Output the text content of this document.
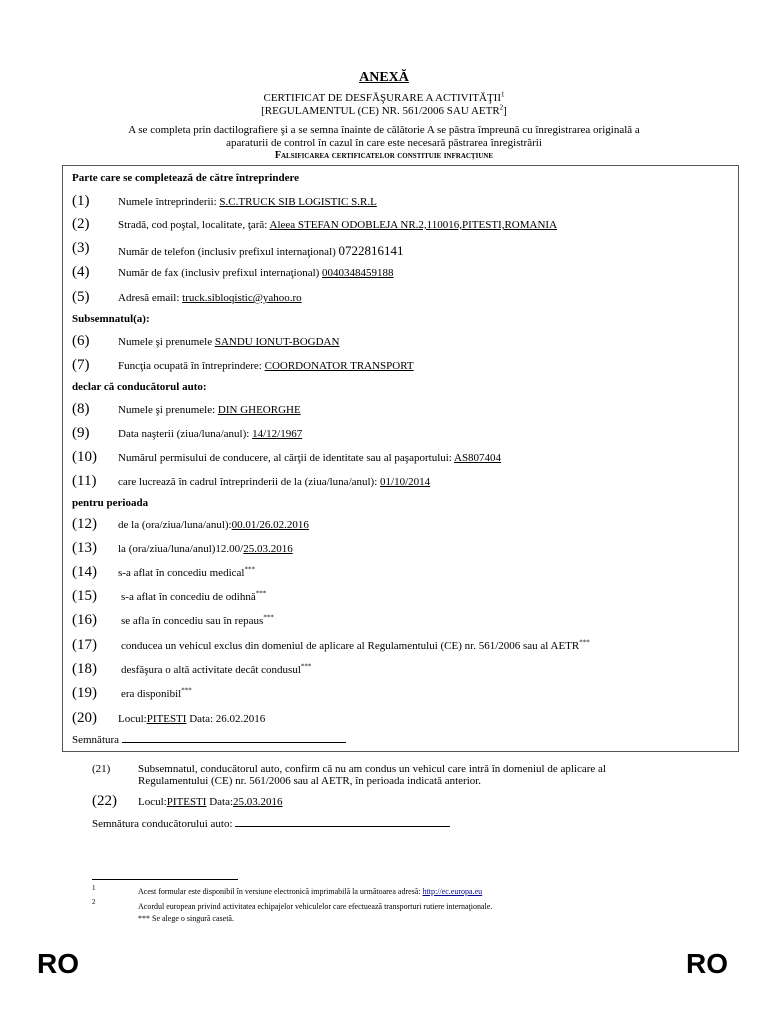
ANEXĂ
CERTIFICAT DE DESFĂŞURARE A ACTIVITĂŢII$^1$
[REGULAMENTUL (CE) NR. 561/2006 SAU AETR$^2$]
A se completa prin dactilografiere şi a se semna înainte de călătorie A se păstra împreună cu înregistrarea originală a
aparaturii de control în cazul în care este necesară păstrarea înregistrării
Falsificarea certificatelor constituie infracţiune
Parte care se completează de către întreprindere
(1)	Numele întreprinderii: S.C.TRUCK SIB LOGISTIC S.R.L
(2)	Stradă, cod poştal, localitate, ţară: Aleea STEFAN ODOBLEJA NR.2,110016,PITESTI,ROMANIA
(3)	Număr de telefon (inclusiv prefixul internaţional) 0722816141
(4)	Număr de fax (inclusiv prefixul internaţional) 0040348459188
(5)	Adresă email: truck.sibloqistic@yahoo.ro
Subsemnatul(a):
(6)	Numele şi prenumele SANDU IONUT-BOGDAN
(7)	Funcţia ocupată în întreprindere: COORDONATOR TRANSPORT
declar că conducătorul auto:
(8)	Numele şi prenumele: DIN GHEORGHE
(9)	Data naşterii (ziua/luna/anul): 14/12/1967
(10) Numărul permisului de conducere, al cărţii de identitate sau al paşaportului: AS807404
(11) care lucrează în cadrul întreprinderii de la (ziua/luna/anul): 01/10/2014
pentru perioada
(12) de la (ora/ziua/luna/anul):00.01/26.02.2016
(13) la (ora/ziua/luna/anul)12.00/25.03.2016
(14) s-a aflat în concediu medical***
(15) s-a aflat în concediu de odihnă***
(16) se afla în concediu sau în repaus***
(17) conducea un vehicul exclus din domeniul de aplicare al Regulamentului (CE) nr. 561/2006 sau al AETR***
(18) desfăşura o altă activitate decât condusul***
(19) era disponibil***
(20) Locul:PITESTI Data: 26.02.2016
Semnătura
(21)	Subsemnatul, conducătorul auto, confirm că nu am condus un vehicul care intră în domeniul de aplicare al
Regulamentului (CE) nr. 561/2006 sau al AETR, în perioada indicată anterior.
(22) Locul:PITESTI Data:25.03.2016
Semnătura conducătorului auto:
1	Acest formular este disponibil în versiune electronică imprimabilă la următoarea adresă: http://ec.europa.eu
2	Acordul european privind activitatea echipajelor vehiculelor care efectuează transporturi rutiere internaţionale.
*** Se alege o singură casetă.
RO	RO
